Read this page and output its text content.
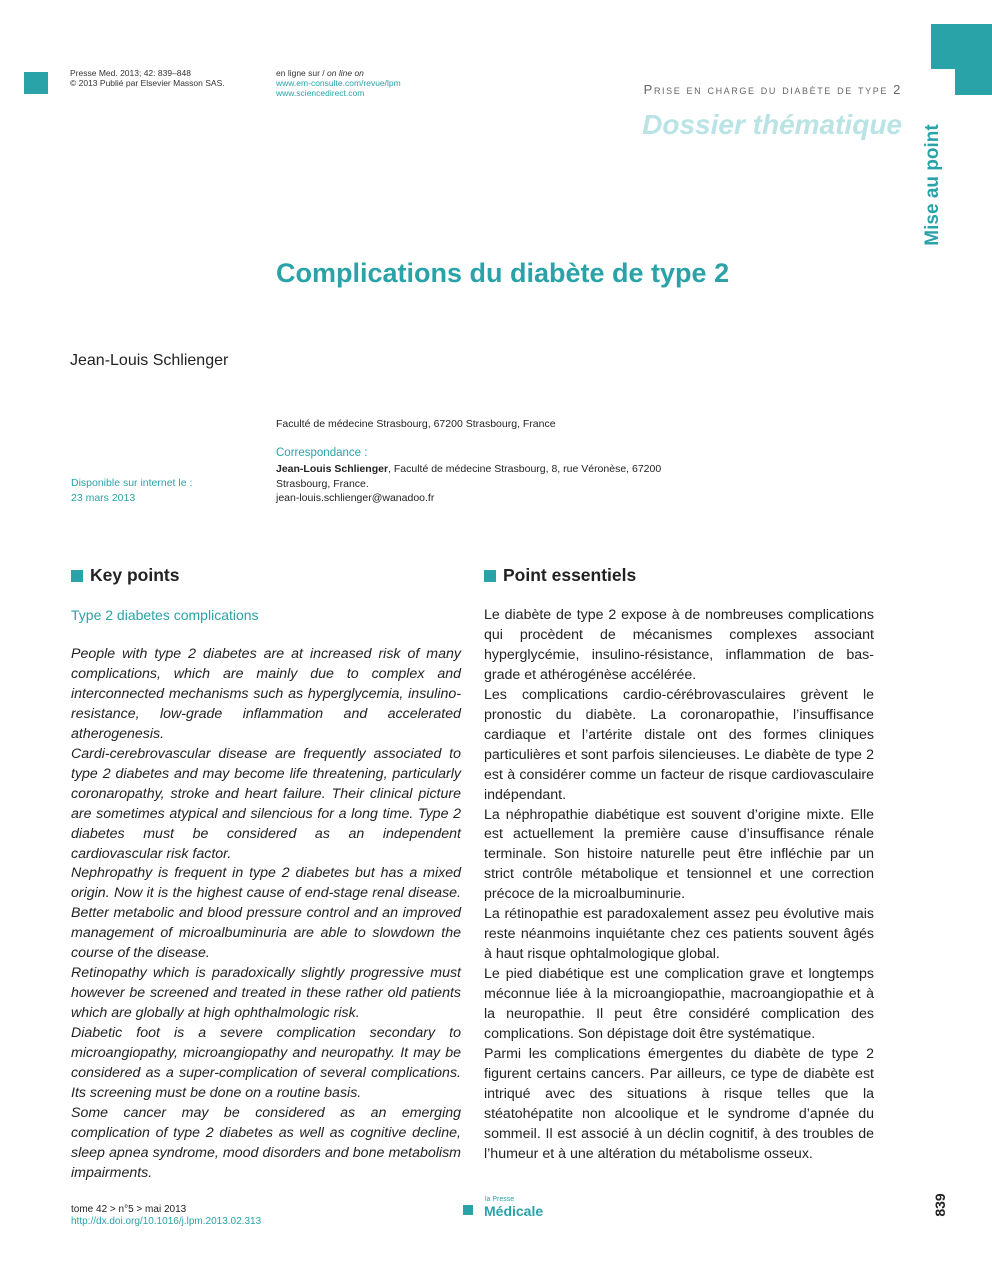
Presse Med. 2013; 42: 839–848
© 2013 Publié par Elsevier Masson SAS.
en ligne sur / on line on
www.em-consulte.com/revue/lpm
www.sciencedirect.com	Prise en charge du diabète de type 2
Dossier thématique Mise au point
Complications du diabète de type 2
Jean-Louis Schlienger
Faculté de médecine Strasbourg, 67200 Strasbourg, France
Correspondance :
Jean-Louis Schlienger, Faculté de médecine Strasbourg, 8, rue Véronèse, 67200 Strasbourg, France.
jean-louis.schlienger@wanadoo.fr
Disponible sur internet le :
23 mars 2013
Key points	Point essentiels
Type 2 diabetes complications

People with type 2 diabetes are at increased risk of many complications, which are mainly due to complex and interconnected mechanisms such as hyperglycemia, insulino-resistance, low-grade inflammation and accelerated atherogenesis.

Cardi-cerebrovascular disease are frequently associated to type 2 diabetes and may become life threatening, particularly coronaropathy, stroke and heart failure. Their clinical picture are sometimes atypical and silencious for a long time. Type 2 diabetes must be considered as an independent cardiovascular risk factor.

Nephropathy is frequent in type 2 diabetes but has a mixed origin. Now it is the highest cause of end-stage renal disease. Better metabolic and blood pressure control and an improved management of microalbuminuria are able to slowdown the course of the disease.

Retinopathy which is paradoxically slightly progressive must however be screened and treated in these rather old patients which are globally at high ophthalmologic risk.

Diabetic foot is a severe complication secondary to microangiopathy, microangiopathy and neuropathy. It may be considered as a super-complication of several complications. Its screening must be done on a routine basis.

Some cancer may be considered as an emerging complication of type 2 diabetes as well as cognitive decline, sleep apnea syndrome, mood disorders and bone metabolism impairments.

Le diabète de type 2 expose à de nombreuses complications qui procèdent de mécanismes complexes associant hyperglycémie, insulino-résistance, inflammation de bas-grade et athérogénèse accélérée.

Les complications cardio-cérébrovasculaires grèvent le pronostic du diabète. La coronaropathie, l’insuffisance cardiaque et l’artérite distale ont des formes cliniques particulières et sont parfois silencieuses. Le diabète de type 2 est à considérer comme un facteur de risque cardiovasculaire indépendant.

La néphropathie diabétique est souvent d’origine mixte. Elle est actuellement la première cause d’insuffisance rénale terminale. Son histoire naturelle peut être infléchie par un strict contrôle métabolique et tensionnel et une correction précoce de la microalbuminurie.

La rétinopathie est paradoxalement assez peu évolutive mais reste néanmoins inquiétante chez ces patients souvent âgés à haut risque ophtalmologique global.

Le pied diabétique est une complication grave et longtemps méconnue liée à la microangiopathie, macroangiopathie et à la neuropathie. Il peut être considéré complication des complications. Son dépistage doit être systématique.

Parmi les complications émergentes du diabète de type 2 figurent certains cancers. Par ailleurs, ce type de diabète est intriqué avec des situations à risque telles que la stéatohépatite non alcoolique et le syndrome d’apnée du sommeil. Il est associé à un déclin cognitif, à des troubles de l’humeur et à une altération du métabolisme osseux.

tome 42 > n°5 > mai 2013
http://dx.doi.org/10.1016/j.lpm.2013.02.313
la Presse
Médicale	839
